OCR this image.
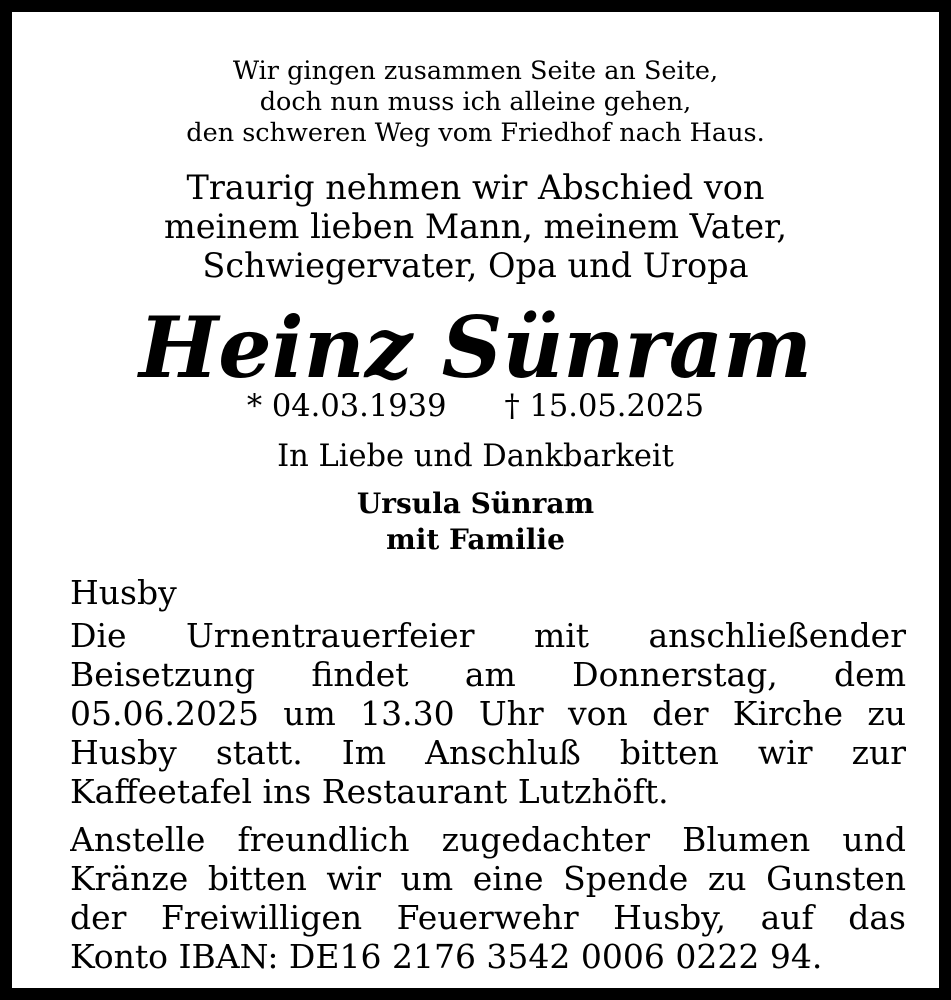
Wir gingen zusammen Seite an Seite,
doch nun muss ich alleine gehen,
den schweren Weg vom Friedhof nach Haus.
Traurig nehmen wir Abschied von
meinem lieben Mann, meinem Vater,
Schwiegervater, Opa und Uropa
Heinz Sünram
* 04.03.1939 † 15.05.2025
In Liebe und Dankbarkeit
Ursula Sünram
mit Familie
Husby
Die Urnentrauerfeier mit anschließender
Beisetzung findet am Donnerstag, dem
05.06.2025 um 13.30 Uhr von der Kirche zu
Husby statt. Im Anschluß bitten wir zur
Kaffeetafel ins Restaurant Lutzhöft.
Anstelle freundlich zugedachter Blumen und
Kränze bitten wir um eine Spende zu Gunsten
der Freiwilligen Feuerwehr Husby, auf das
Konto IBAN: DE16 2176 3542 0006 0222 94.
